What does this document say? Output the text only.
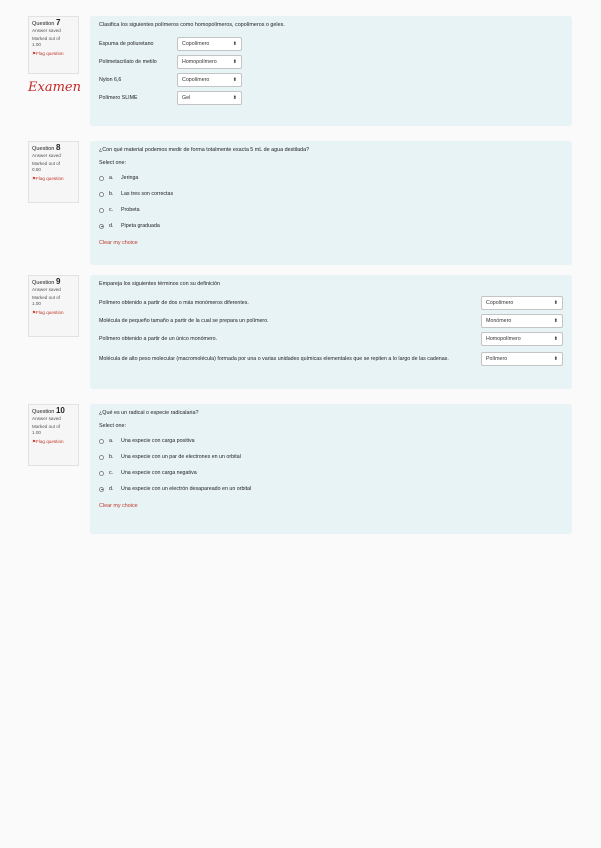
Question 7
Answer saved
Marked out of
1.00
⚑Flag question
Examen
Clasifica los siguientes polímeros como homopolímeros, copolímeros o geles.
Espuma de poliuretano	Copolímero	⬍
Polimetacrilato de metilo	Homopolímero	⬍
Nylon 6,6	Copolímero	⬍
Polímero SLIME	Gel	⬍
Question 8
Answer saved
Marked out of
0.50
⚑Flag question
¿Con qué material podemos medir de forma totalmente exacta 5 mL de agua destilada?
Select one:
a.	Jeringa
b.	Las tres son correctas
c.	Probeta
d.	Pipeta graduada
Clear my choice
Question 9
Answer saved
Marked out of
1.00
⚑Flag question
Empareja los siguientes términos con su definición
Polímero obtenido a partir de dos o más monómeros diferentes.	Copolímero	⬍
Molécula de pequeño tamaño a partir de la cual se prepara un polímero.	Monómero	⬍
Polímero obtenido a partir de un único monómero.	Homopolímero	⬍
Molécula de alto peso molecular (macromolécula) formada por una o varias unidades químicas elementales que se repiten a lo largo de las cadenas.	Polímero	⬍
Question 10
Answer saved
Marked out of
1.00
⚑Flag question
¿Qué es un radical o especie radicalaria?
Select one:
a.	Una especie con carga positiva
b.	Una especie con un par de electrones en un orbital
c.	Una especie con carga negativa
d.	Una especie con un electrón desapareado en un orbital
Clear my choice
